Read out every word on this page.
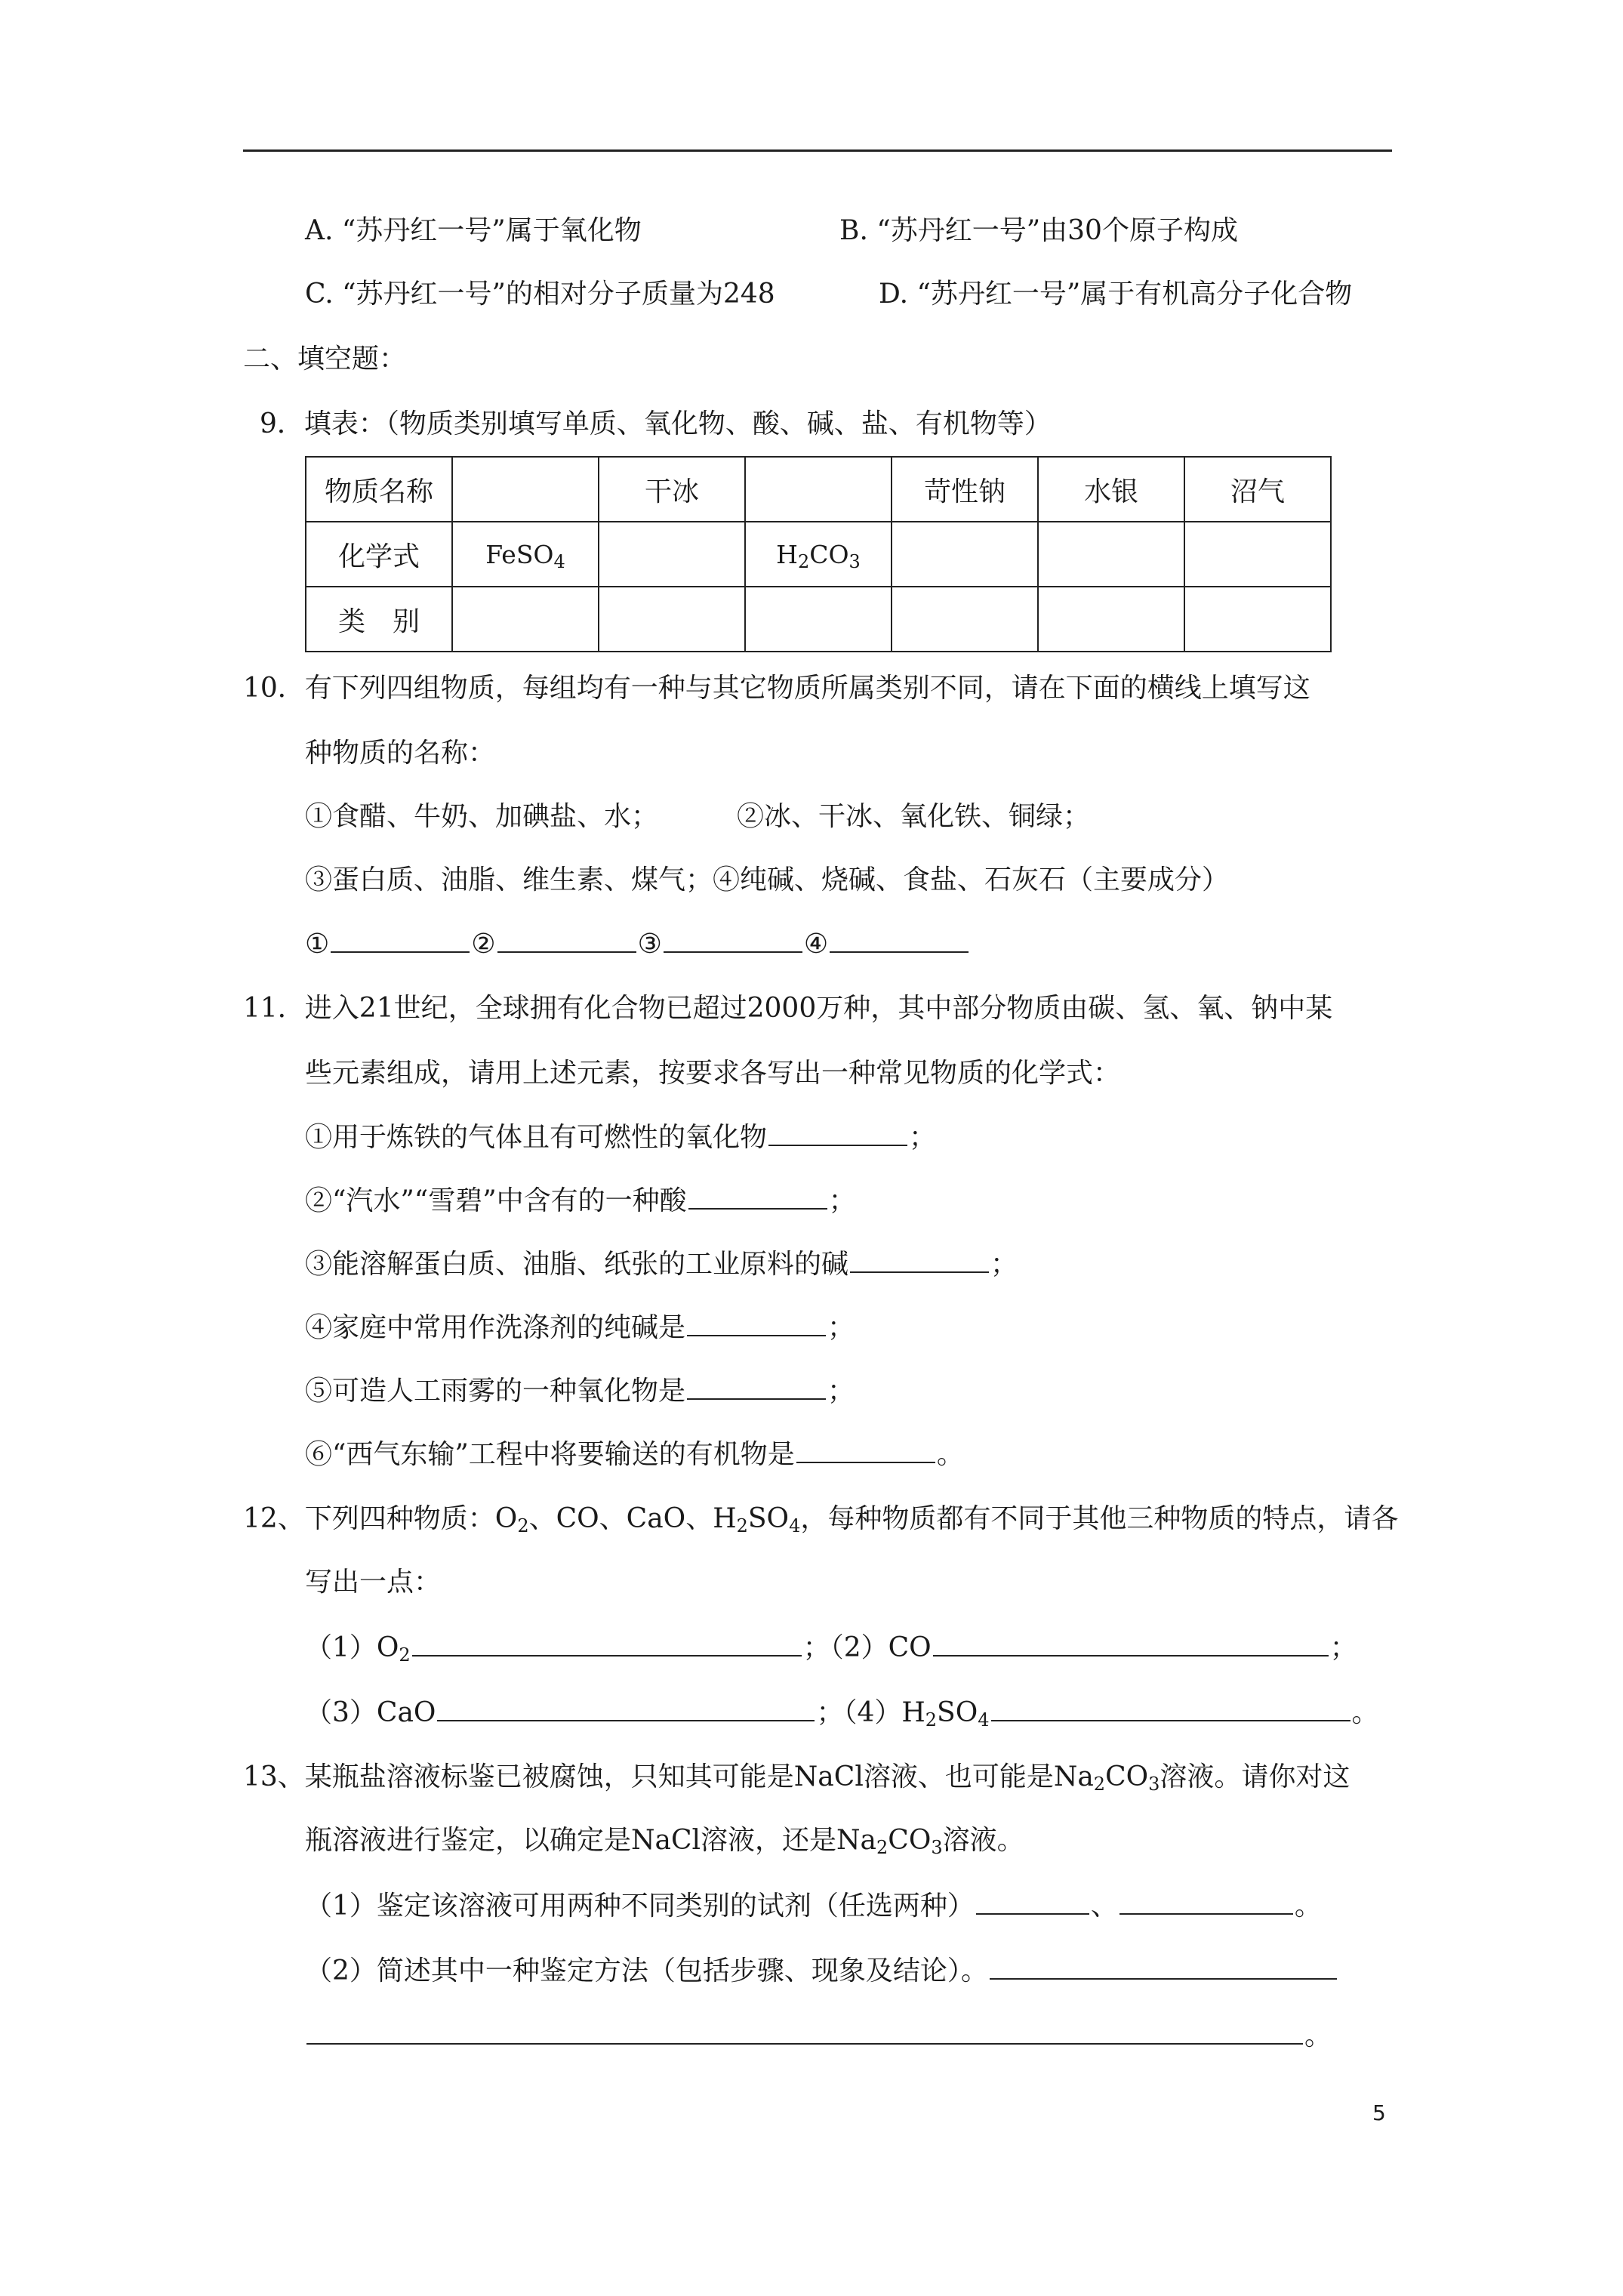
A. “苏丹红一号”属于氧化物	B. “苏丹红一号”由30个原子构成
C. “苏丹红一号”的相对分子质量为248	D. “苏丹红一号”属于有机高分子化合物
二、填空题：
9．填表：（物质类别填写单质、氧化物、酸、碱、盐、有机物等）
物质名称		干冰		苛性钠	水银	沼气
化学式	FeSO$_4$		$H_2CO_3$			
类　别						
10．有下列四组物质，每组均有一种与其它物质所属类别不同，请在下面的横线上填写这
种物质的名称：
①食醋、牛奶、加碘盐、水；	②冰、干冰、氧化铁、铜绿；
③蛋白质、油脂、维生素、煤气；④纯碱、烧碱、食盐、石灰石（主要成分）
①	②	③	④
11．进入21世纪，全球拥有化合物已超过2000万种，其中部分物质由碳、氢、氧、钠中某
些元素组成，请用上述元素，按要求各写出一种常见物质的化学式：
①用于炼铁的气体且有可燃性的氧化物	；
②“汽水”“雪碧”中含有的一种酸	；
③能溶解蛋白质、油脂、纸张的工业原料的碱	；
④家庭中常用作洗涤剂的纯碱是	；
⑤可造人工雨雾的一种氧化物是	；
⑥“西气东输”工程中将要输送的有机物是	。
12、下列四种物质：$O_2$、CO、CaO、$H_2SO_4$，每种物质都有不同于其他三种物质的特点，请各
写出一点：
$(1)O_2$	；（2）CO	；
（3）CaO	；$(4)H_2SO_4$	。
13、某瓶盐溶液标鉴已被腐蚀，只知其可能是NaCl溶液、也可能是$Na_2CO_3$溶液。请你对这
瓶溶液进行鉴定，以确定是NaCl溶液，还是$Na_2CO_3$溶液。
（1）鉴定该溶液可用两种不同类别的试剂（任选两种）	、	。
（2）简述其中一种鉴定方法（包括步骤、现象及结论）。
。
5
